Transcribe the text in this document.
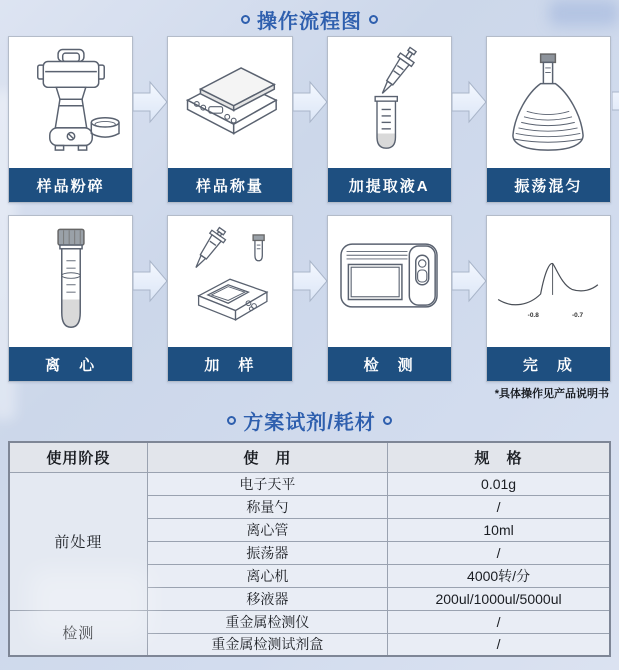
操作流程图
样品粉碎	样品称量	加提取液A	振荡混匀
离　心	加　样	检　测
-0.8	-0.7
完　成
*具体操作见产品说明书
方案试剂/耗材
使用阶段	使　用	规　格
前处理	电子天平	0.01g
	称量勺	/
	离心管	10ml
	振荡器	/
	离心机	4000转/分
	移液器	200ul/1000ul/5000ul
检测	重金属检测仪	/
	重金属检测试剂盒	/
